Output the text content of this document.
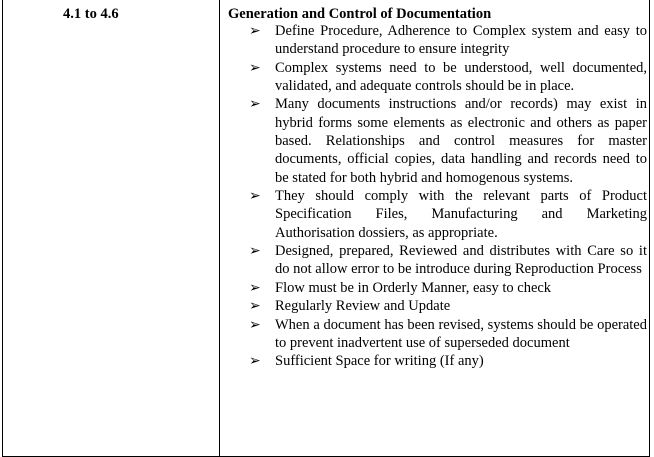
4.1 to 4.6	Generation and Control of Documentation
➢ Define Procedure, Adherence to Complex system and easy to understand procedure to ensure integrity
➢ Complex systems need to be understood, well documented, validated, and adequate controls should be in place.
➢ Many documents instructions and/or records) may exist in hybrid forms some elements as electronic and others as paper based. Relationships and control measures for master documents, official copies, data handling and records need to be stated for both hybrid and homogenous systems.
➢ They should comply with the relevant parts of Product Specification Files, Manufacturing and Marketing Authorisation dossiers, as appropriate.
➢ Designed, prepared, Reviewed and distributes with Care so it do not allow error to be introduce during Reproduction Process
➢ Flow must be in Orderly Manner, easy to check
➢ Regularly Review and Update
➢ When a document has been revised, systems should be operated to prevent inadvertent use of superseded document
➢ Sufficient Space for writing (If any)
